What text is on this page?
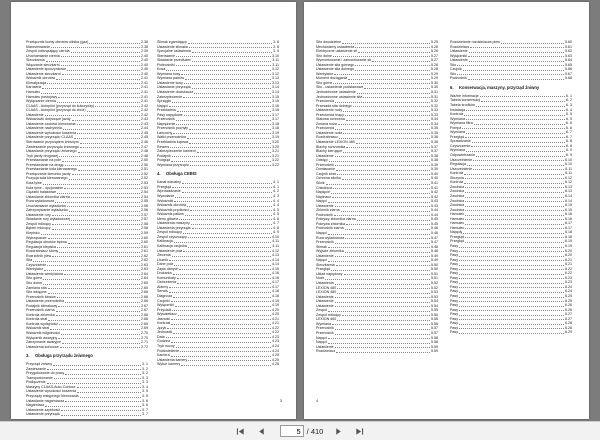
Przełącznik liczby obrotów silnika (gaz)	2.38
Manewrowanie	2.38
Zespół odtrząsający ciernia	2.39
Uruchamianie ciernia	2.40
Sieczkarnia	2.40
Włączanie sieczkarni	2.40
Ustawienie spoczynkowe	2.40
Ustawienie sieczkarni	2.40
Wskaźnik obrotów	2.41
Klimatyzacja	2.41
Karoseria	2.41
Hamulec	2.41
Hamulec postojowy	2.41
Wyłączanie ciernia	2.41
CLAAS - Autopilot (przyrząd do kukurydzy)	2.42
CLAAS - Autopilot (przyrząd do zbóż)	2.42
Ustawienie	2.42
Wskazówki dotyczące jazdy	2.43
Ustawienie czułości kierowania	2.43
Ustawienie nachylenia	2.44
Ustawienie wysokości koszenia	2.45
Ustawienie przyrządu CLAAS	2.45
Sterowanie przyrządem żniwnym	2.46
Zawieszanie przyrządu żniwnego	2.47
Ustawianie przyrządu żniwnego	2.48
Tryb jazdy drogowej	2.48
Przestawianie na pole	2.50
Przestawianie na drogę	2.50
Przestawianie koła kierowanego	2.51
Przełączanie kierunku jazdy	2.52
Pozycja koła kierowanego	2.52
Koła tylne	2.53
Koła tylne - opcjonalnie	2.53
Ciężarki balastowe	2.54
Ustawianie zbiornika ziarna	2.54
Rura wyładowcza	2.55
Uruchamianie wyładunku	2.56
Zatrzymywanie wyładunku	2.56
Ustawienie rury	2.57
Składanie rury wyładowczej	2.57
Zespół młócący	2.58
Bęben młócący	2.58
Klepisko	2.59
Wytrząsacze	2.60
Regulacja obrotów bębna	2.60
Regulacja klepiska	2.61
Rozdrabniacz słomy	2.61
Rozrzutnik plew	2.62
Sita	2.62
Czyszczenie	2.63
Wentylator	2.63
Ustawienie wentylatora	2.64
Sito górne	2.64
Sito dolne	2.65
Zamiana sita	2.65
Sito wstępne	2.66
Przenośnik kłosów	2.66
Ustawienie przenośnika	2.66
Podajnik ślimakowy	2.67
Przenośnik ziarna	2.67
Kontrola zbiornika	2.68
Kontrola strat	2.68
Kontrola wydajności	2.69
Wskaźnik strat	2.69
Wskaźnik wilgotności	2.70
Wyłącznik awaryjny	2.70
Zatrzymanie awaryjne	2.71
Ustawienia końcowe	2.72
3.	Obsługa przyrządu żniwnego
Przyrząd żniwny	3. 1
Zawieszanie	3. 2
Przygotowanie do pracy	3. 2
Transportowanie	3. 3
Podłączenie	3. 3
Maszyny CLAAS-Auto-Contour	3. 4
Ustawienie wysokości koszenia	3. 5
Przyrządy wstępnego kierowania	3. 5
Ustawianie nagarniacza	3. 6
Nagarniacz	3. 6
Ustawienie szybkości	3. 7
Ustawienie przyrządu	3. 7
Ślimak zgarniający	3. 8
Ustawienie ślimaka	3. 8
Specjalne ustawienia	3. 9
Sterowanie	3.10
Składanie przedłużeń	3.11
Podnośniki	3.11
Kosa	3.12
Wymiana kosy	3.12
Wymiana palców	3.13
Ustawienie kosy	3.13
Ustawianie przyrządu	3.14
Ustawienie dociskacza	3.14
Zabezpieczenie	3.15
Sprzęgło	3.15
Napęd	3.16
Przekładnia	3.16
Pasy napędowe	3.17
Przenośnik	3.17
Naprężenie	3.18
Przenośnik pochyły	3.18
Łańcuchy	3.19
Wałki przenośnika	3.19
Przekładnia kątowa	3.20
Rewers	3.20
Zabezpieczenie kamieni	3.21
Podajnik	3.21
Podgląd	3.22
Wymiana przyrządu	3.22
4.	Obsługa CEBIS
Kanał wizualny	4. 1
Przegląd	4. 1
Wprowadzanie	4. 2
Wywołanie	4. 3
Wskaźniki	4. 4
Wskaźnik obrotów	4. 4
Wskaźnik prędkości	4. 5
Wskaźnik paliwa	4. 5
Menu główne	4. 6
Ustawienia maszyny	4. 7
Ustawienia przyrządu	4. 8
Zespół młócący	4. 9
Zespół czyszczący	4.10
Kalibracja	4.11
Kalibracja czujnika	4.11
Ustawienie pola	4.12
Zlecenia	4.13
Licznik	4.14
Dane pola	4.14
Zapis danych	4.15
Drukarka	4.16
Komunikaty	4.16
Ostrzeżenia	4.17
Alarmy	4.17
Serwis	4.18
Diagnoza	4.18
Czujniki	4.19
Wyłączniki	4.19
Przyciski	4.20
Wyświetlacz	4.20
Jasność	4.21
Kontrast	4.21
Język	4.22
Jednostki	4.22
Data	4.23
Godzina	4.23
Tryb nocny	4.24
Podświetlenie	4.24
Kamera	4.25
Ustawienia kamery	4.25
Wybór kamery	4.26
3
Sito dwudzielne	5.25
Mechanizmy ustawienia	5.26
Elektryczne ustawienie sit	5.26
Sito dolne	5.27
Wymontowanie i zamontowanie sit	5.27
Ustawienie sita górnego	5.28
Ustawienie sita dolnego	5.28
Wentylator	5.29
Moment dociągania	5.29
Sito górne	5.30
Sito - ustawienie podstawowe	5.30
Jednostronne ustawienie	5.31
Jednostronne ustawienie sita	5.31
Przeciwnóż	5.32
Przesada sita dolnego	5.32
Ustawienie noży	5.33
Przeciwnóż tnący	5.33
Stalowa ochronna	5.34
Zmiana noża	5.34
Przeciwnóż	5.35
Ustawienie noża	5.35
Rozdrabniacz	5.36
Ustawienie LEXION 480	5.36
Blachy rozrzutnika	5.37
Blachy kierujące	5.37
Ustawienie	5.38
Odstęp	5.38
Przenośnik	5.39
Domłacanie	5.39
Czujnik strat	5.40
Ochrona silnika	5.40
Silnik	5.41
Chłodnica	5.41
Napięcie	5.42
Napinacz	5.42
Napęd	5.43
Ustawienie	5.43
Zbiornik ziarna	5.44
Podnośnik	5.44
Pokrywy zbiornika ziarna	5.45
Pokrywa zbiornika	5.45
Podnośnik ziarna	5.46
Napęd	5.46
Rura wyładowcza	5.47
Przenośnik	5.47
Ślimak	5.48
Wyjście zbiornika	5.48
Ustawienie	5.49
Napęd	5.49
Sieczkarnia	5.50
Przegląd	5.50
Układ napędowy	5.51
Noże	5.51
Ustawienia	5.52
LEXION 480	5.52
LEXION 480	5.53
Ustawienie	5.53
Ustawienie	5.54
Ustawienie	5.54
Zespół	5.55
Zespół młócący	5.55
LEXION 460	5.56
Wymiana	5.56
Przenośnik	5.57
Przenośnik	5.57
Napęd	5.58
Napęd	5.58
Ustawienie	5.59
Rozdzielacz	5.59
Rozdzielanie rozdzielacza plew	5.60
Rozdzielacz	5.61
Ustawienie	5.62
Wyłączniki	5.63
Ustawienie	5.64
Sito	5.65
Czujnik	5.66
Sito	5.67
Podnośnik	5.68
6.	Konserwacja, maszyny, przyrząd żniwny
Ważne informacje	6. 1
Tabela konserwacji	6. 2
Tabela środków	6. 3
Instalacja	6. 4
Kontrola	6. 5
Wymiana	6. 5
Wymiana filtra	6. 6
Pompa	6. 6
Wymiana	6. 7
Przegląd	6. 7
Sprawdzanie	6. 8
Czyszczenie	6. 8
Wymiana	6. 9
Odpowietrzanie	6. 9
Uszczelnienie	6.10
Regulacja	6.10
Uszczelnienie	6.11
Kontrola	6.11
Skrzynia	6.12
Kontrola	6.12
Zwolnica	6.13
Zwolnica	6.13
Zwolnica	6.14
Zwolnica	6.14
Zwolnica	6.15
Zwolnica	6.15
Hamulec	6.16
Hamulec	6.16
Hamulec	6.17
Hamulec	6.17
Napędy	6.18
Przegląd	6.18
Przegląd	6.19
Pasy	6.19
Pasy	6.20
Pasy	6.20
Pasy	6.21
Pasy	6.21
Pasy	6.22
Pasy	6.22
Pasy	6.23
Pasy	6.23
Pasy	6.24
Pasy	6.24
Pasy	6.25
Pasy	6.25
Pasy	6.26
Pasy	6.26
Pasy	6.27
Pasy	6.27
Pasy	6.28
Pasy	6.28
Pasy	6.29
4
5
/ 410
